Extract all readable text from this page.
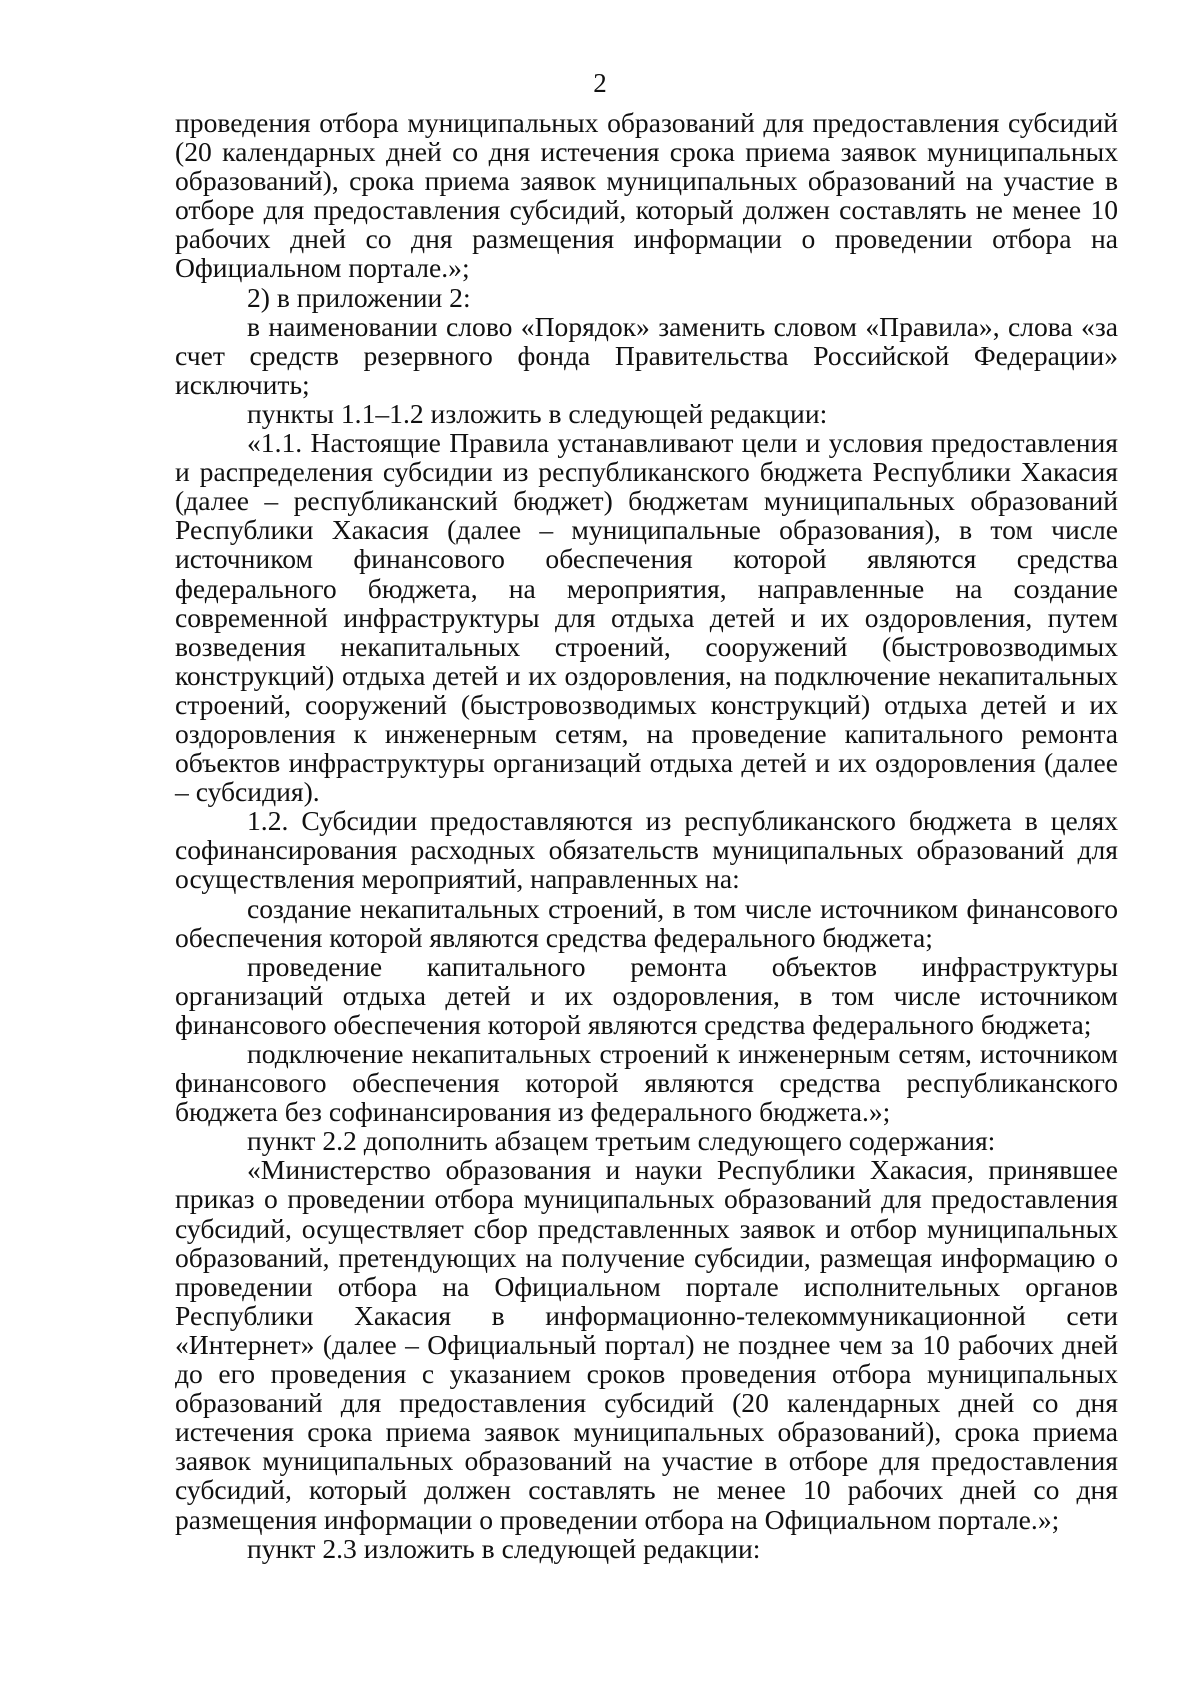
2

проведения отбора муниципальных образований для предоставления субсидий (20 календарных дней со дня истечения срока приема заявок муниципальных образований), срока приема заявок муниципальных образований на участие в отборе для предоставления субсидий, который должен составлять не менее 10 рабочих дней со дня размещения информации о проведении отбора на Официальном портале.»;

2) в приложении 2:

в наименовании слово «Порядок» заменить словом «Правила», слова «за счет средств резервного фонда Правительства Российской Федерации» исключить;

пункты 1.1–1.2 изложить в следующей редакции:

«1.1. Настоящие Правила устанавливают цели и условия предоставления и распределения субсидии из республиканского бюджета Республики Хакасия (далее – республиканский бюджет) бюджетам муниципальных образований Республики Хакасия (далее – муниципальные образования), в том числе источником финансового обеспечения которой являются средства федерального бюджета, на мероприятия, направленные на создание современной инфраструктуры для отдыха детей и их оздоровления, путем возведения некапитальных строений, сооружений (быстровозводимых конструкций) отдыха детей и их оздоровления, на подключение некапитальных строений, сооружений (быстровозводимых конструкций) отдыха детей и их оздоровления к инженерным сетям, на проведение капитального ремонта объектов инфраструктуры организаций отдыха детей и их оздоровления (далее – субсидия).

1.2. Субсидии предоставляются из республиканского бюджета в целях софинансирования расходных обязательств муниципальных образований для осуществления мероприятий, направленных на:

создание некапитальных строений, в том числе источником финансового обеспечения которой являются средства федерального бюджета;

проведение капитального ремонта объектов инфраструктуры организаций отдыха детей и их оздоровления, в том числе источником финансового обеспечения которой являются средства федерального бюджета;

подключение некапитальных строений к инженерным сетям, источником финансового обеспечения которой являются средства республиканского бюджета без софинансирования из федерального бюджета.»;

пункт 2.2 дополнить абзацем третьим следующего содержания:

«Министерство образования и науки Республики Хакасия, принявшее приказ о проведении отбора муниципальных образований для предоставления субсидий, осуществляет сбор представленных заявок и отбор муниципальных образований, претендующих на получение субсидии, размещая информацию о проведении отбора на Официальном портале исполнительных органов Республики Хакасия в информационно-телекоммуникационной сети «Интернет» (далее – Официальный портал) не позднее чем за 10 рабочих дней до его проведения с указанием сроков проведения отбора муниципальных образований для предоставления субсидий (20 календарных дней со дня истечения срока приема заявок муниципальных образований), срока приема заявок муниципальных образований на участие в отборе для предоставления субсидий, который должен составлять не менее 10 рабочих дней со дня размещения информации о проведении отбора на Официальном портале.»;

пункт 2.3 изложить в следующей редакции:
